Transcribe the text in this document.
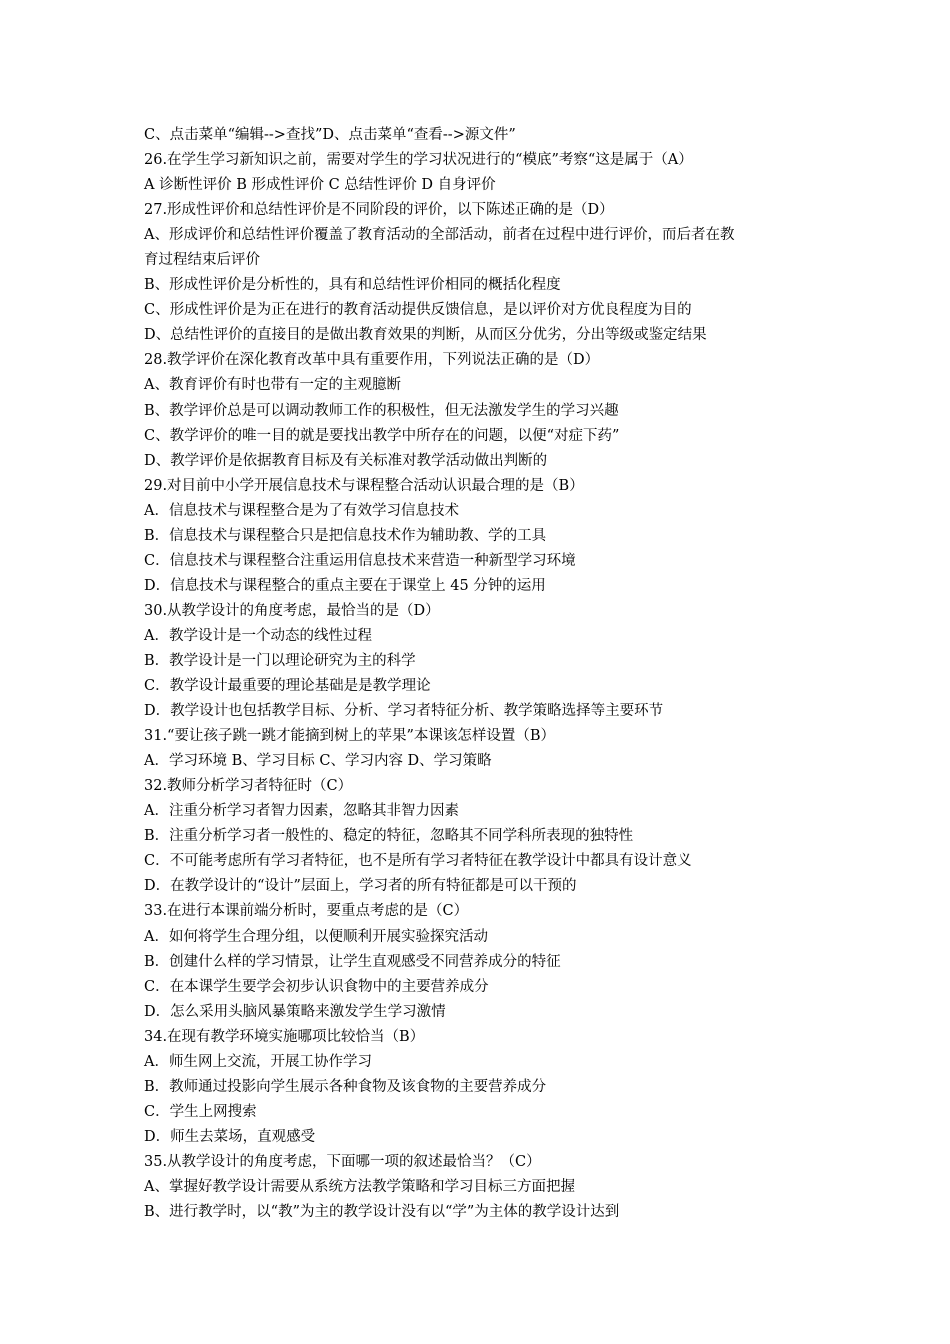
C、点击菜单“编辑-->查找”D、点击菜单“查看-->源文件”

26.在学生学习新知识之前，需要对学生的学习状况进行的“模底”考察“这是属于（A）

A 诊断性评价 B 形成性评价 C 总结性评价 D 自身评价

27.形成性评价和总结性评价是不同阶段的评价，以下陈述正确的是（D）

A、形成评价和总结性评价覆盖了教育活动的全部活动，前者在过程中进行评价，而后者在教

育过程结束后评价

B、形成性评价是分析性的，具有和总结性评价相同的概括化程度

C、形成性评价是为正在进行的教育活动提供反馈信息，是以评价对方优良程度为目的

D、总结性评价的直接目的是做出教育效果的判断，从而区分优劣，分出等级或鉴定结果

28.教学评价在深化教育改革中具有重要作用，下列说法正确的是（D）

A、教育评价有时也带有一定的主观臆断

B、教学评价总是可以调动教师工作的积极性，但无法激发学生的学习兴趣

C、教学评价的唯一目的就是要找出教学中所存在的问题，以便“对症下药”

D、教学评价是依据教育目标及有关标准对教学活动做出判断的

29.对目前中小学开展信息技术与课程整合活动认识最合理的是（B）

A．信息技术与课程整合是为了有效学习信息技术

B．信息技术与课程整合只是把信息技术作为辅助教、学的工具

C．信息技术与课程整合注重运用信息技术来营造一种新型学习环境

D．信息技术与课程整合的重点主要在于课堂上 45 分钟的运用

30.从教学设计的角度考虑，最恰当的是（D）

A．教学设计是一个动态的线性过程

B．教学设计是一门以理论研究为主的科学

C．教学设计最重要的理论基础是是教学理论

D．教学设计也包括教学目标、分析、学习者特征分析、教学策略选择等主要环节

31.“要让孩子跳一跳才能摘到树上的苹果”本课该怎样设置（B）

A．学习环境 B、学习目标 C、学习内容 D、学习策略

32.教师分析学习者特征时（C）

A．注重分析学习者智力因素，忽略其非智力因素

B．注重分析学习者一般性的、稳定的特征，忽略其不同学科所表现的独特性

C．不可能考虑所有学习者特征，也不是所有学习者特征在教学设计中都具有设计意义

D．在教学设计的“设计”层面上，学习者的所有特征都是可以干预的

33.在进行本课前端分析时，要重点考虑的是（C）

A．如何将学生合理分组，以便顺利开展实验探究活动

B．创建什么样的学习情景，让学生直观感受不同营养成分的特征

C．在本课学生要学会初步认识食物中的主要营养成分

D．怎么采用头脑风暴策略来激发学生学习激情

34.在现有教学环境实施哪项比较恰当（B）

A．师生网上交流，开展工协作学习

B．教师通过投影向学生展示各种食物及该食物的主要营养成分

C．学生上网搜索

D．师生去菜场，直观感受

35.从教学设计的角度考虑，下面哪一项的叙述最恰当？（C）

A、掌握好教学设计需要从系统方法教学策略和学习目标三方面把握

B、进行教学时，以“教”为主的教学设计没有以“学”为主体的教学设计达到
